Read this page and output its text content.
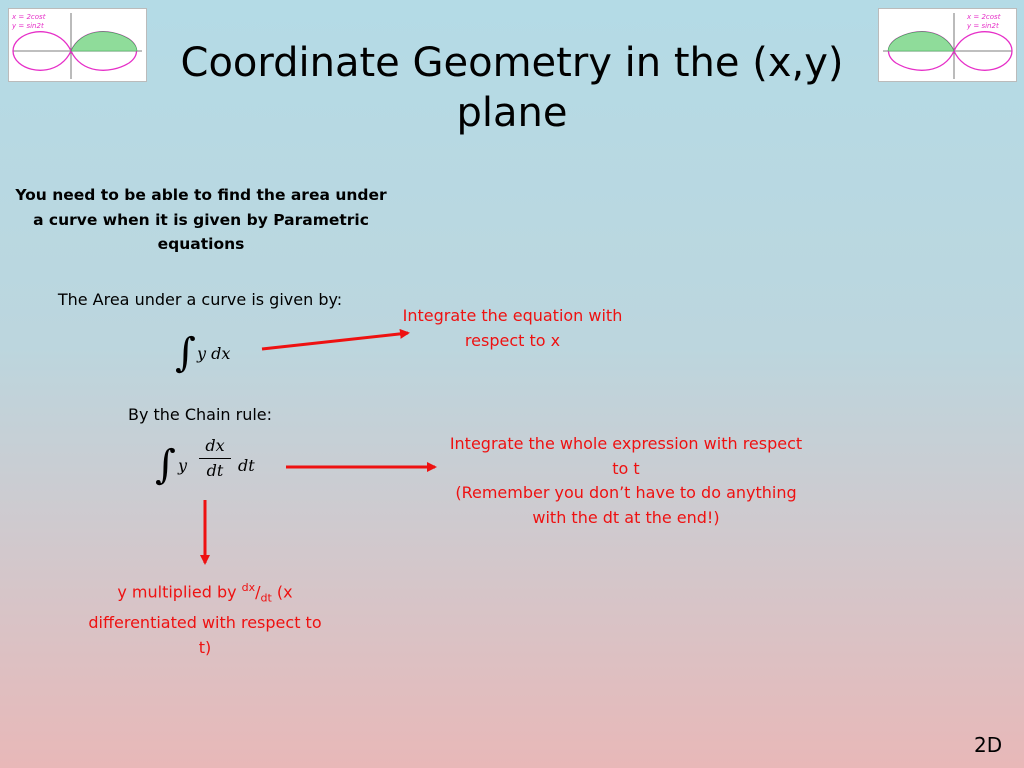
x = 2cost
y = sin2t
x = 2cost
y = sin2t
Coordinate Geometry in the (x,y) plane
You need to be able to find the area under a curve when it is given by Parametric equations
The Area under a curve is given by:
∫ y dx
By the Chain rule:
∫ y
dx
dt dt
Integrate the equation with respect to x
Integrate the whole expression with respect to t
(Remember you don’t have to do anything with the dt at the end!)
y multiplied by $^{dx}/_{dt}$ (x differentiated with respect to t)
2D
